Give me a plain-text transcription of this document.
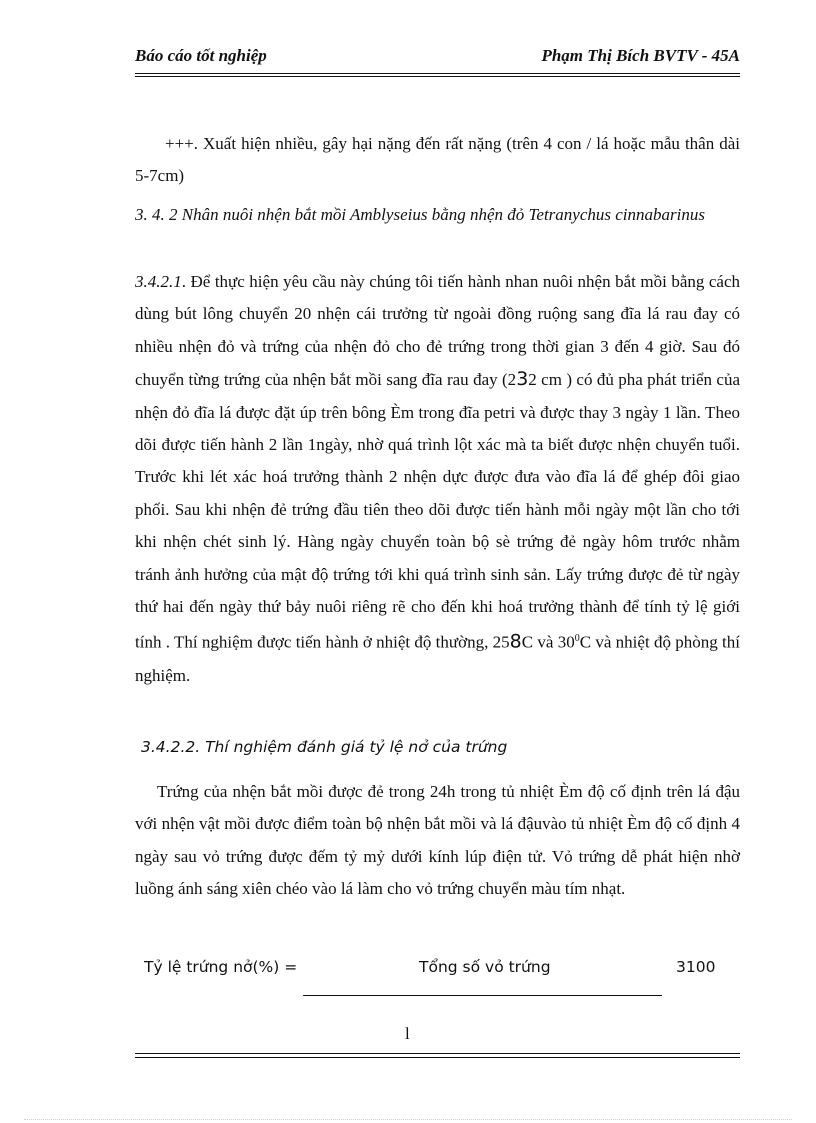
Báo cáo tốt nghiệp	Phạm Thị Bích BVTV - 45A
+++. Xuất hiện nhiều, gây hại nặng đến rất nặng (trên 4 con / lá hoặc mẫu thân dài 5-7cm)
3. 4. 2 Nhân nuôi nhện bắt mồi Amblyseius bằng nhện đỏ Tetranychus cinnabarinus
3.4.2.1. Để thực hiện yêu cầu này chúng tôi tiến hành nhan nuôi nhện bắt mồi bằng cách dùng bút lông chuyển 20 nhện cái trưởng từ ngoài đồng ruộng sang đĩa lá rau đay có nhiều nhện đỏ và trứng của nhện đỏ cho đẻ trứng trong thời gian 3 đến 4 giờ. Sau đó chuyển từng trứng của nhện bắt mồi sang đĩa rau đay (232 cm ) có đủ pha phát triển của nhện đỏ đĩa lá được đặt úp trên bông Èm trong đĩa petri và được thay 3 ngày 1 lần. Theo dõi được tiến hành 2 lần 1ngày, nhờ quá trình lột xác mà ta biết được nhện chuyển tuổi. Trước khi lét xác hoá trưởng thành 2 nhện dực được đưa vào đĩa lá để ghép đôi giao phối. Sau khi nhện đẻ trứng đầu tiên theo dõi được tiến hành mỗi ngày một lần cho tới khi nhện chét sinh lý. Hàng ngày chuyển toàn bộ sè trứng đẻ ngày hôm trước nhằm tránh ảnh hưởng của mật độ trứng tới khi quá trình sinh sản. Lấy trứng được đẻ từ ngày thứ hai đến ngày thứ bảy nuôi riêng rẽ cho đến khi hoá trưởng thành để tính tỷ lệ giới tính . Thí nghiệm được tiến hành ở nhiệt độ thường, 258C và $30^0C$ và nhiệt độ phòng thí nghiệm.
3.4.2.2. Thí nghiệm đánh giá tỷ lệ nở của trứng
Trứng của nhện bắt mồi được đẻ trong 24h trong tủ nhiệt Èm độ cố định trên lá đậu với nhện vật mồi được điểm toàn bộ nhện bắt mồi và lá đậuvào tủ nhiệt Èm độ cố định 4 ngày sau vỏ trứng được đếm tỷ mỷ dưới kính lúp điện tử. Vỏ trứng dễ phát hiện nhờ luồng ánh sáng xiên chéo vào lá làm cho vỏ trứng chuyển màu tím nhạt.
Tỷ lệ trứng nở(%) =	Tổng số vỏ trứng	3100
l
